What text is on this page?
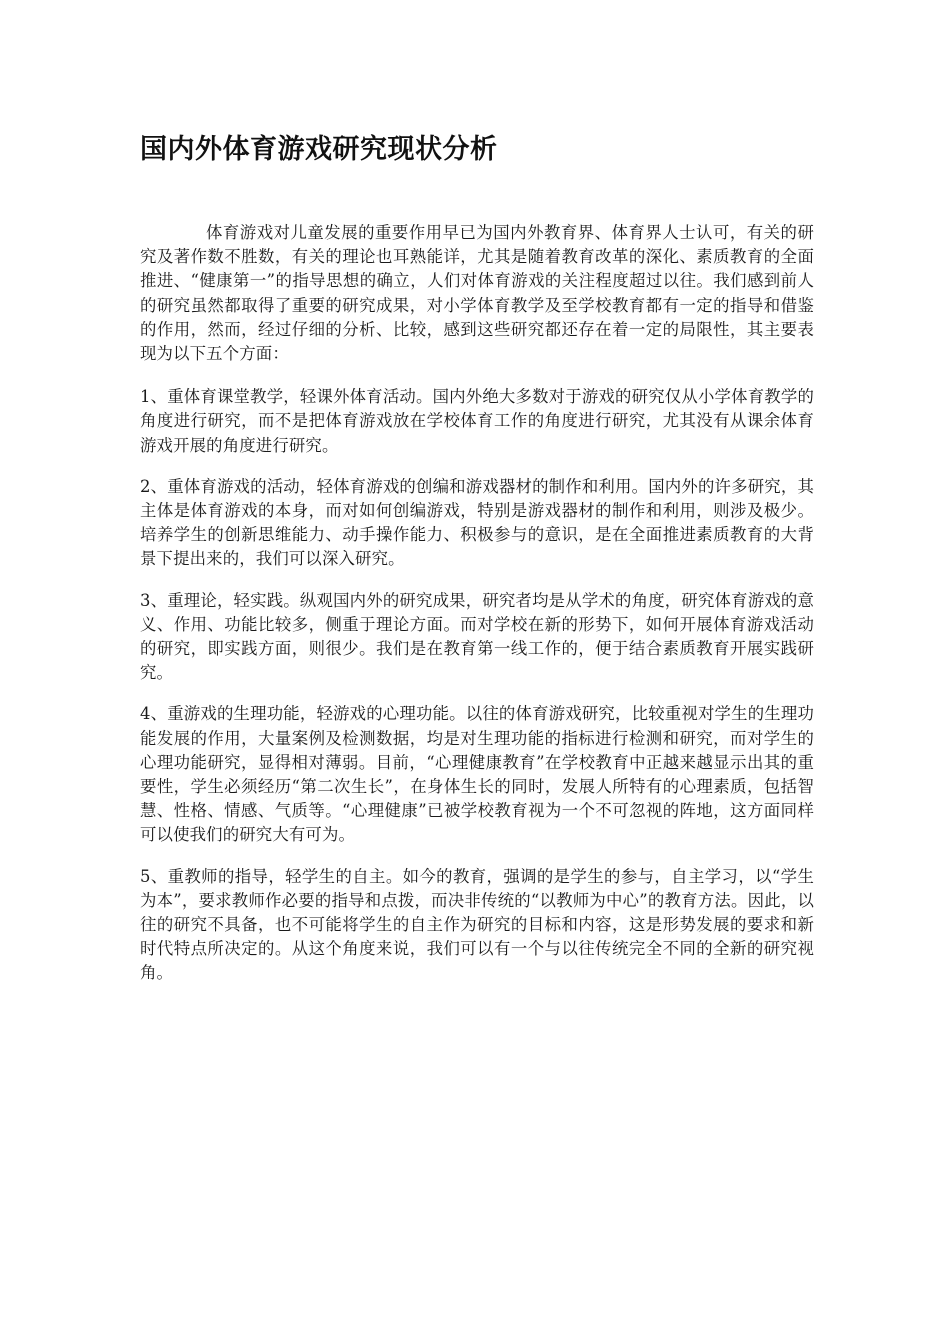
国内外体育游戏研究现状分析

体育游戏对儿童发展的重要作用早已为国内外教育界、体育界人士认可，有关的研究及著作数不胜数，有关的理论也耳熟能详，尤其是随着教育改革的深化、素质教育的全面推进、“健康第一”的指导思想的确立，人们对体育游戏的关注程度超过以往。我们感到前人的研究虽然都取得了重要的研究成果，对小学体育教学及至学校教育都有一定的指导和借鉴的作用，然而，经过仔细的分析、比较，感到这些研究都还存在着一定的局限性，其主要表现为以下五个方面：

1、重体育课堂教学，轻课外体育活动。国内外绝大多数对于游戏的研究仅从小学体育教学的角度进行研究，而不是把体育游戏放在学校体育工作的角度进行研究，尤其没有从课余体育游戏开展的角度进行研究。

2、重体育游戏的活动，轻体育游戏的创编和游戏器材的制作和利用。国内外的许多研究，其主体是体育游戏的本身，而对如何创编游戏，特别是游戏器材的制作和利用，则涉及极少。培养学生的创新思维能力、动手操作能力、积极参与的意识，是在全面推进素质教育的大背景下提出来的，我们可以深入研究。

3、重理论，轻实践。纵观国内外的研究成果，研究者均是从学术的角度，研究体育游戏的意义、作用、功能比较多，侧重于理论方面。而对学校在新的形势下，如何开展体育游戏活动的研究，即实践方面，则很少。我们是在教育第一线工作的，便于结合素质教育开展实践研究。

4、重游戏的生理功能，轻游戏的心理功能。以往的体育游戏研究，比较重视对学生的生理功能发展的作用，大量案例及检测数据，均是对生理功能的指标进行检测和研究，而对学生的心理功能研究，显得相对薄弱。目前，“心理健康教育”在学校教育中正越来越显示出其的重要性，学生必须经历“第二次生长”，在身体生长的同时，发展人所特有的心理素质，包括智慧、性格、情感、气质等。“心理健康”已被学校教育视为一个不可忽视的阵地，这方面同样可以使我们的研究大有可为。

5、重教师的指导，轻学生的自主。如今的教育，强调的是学生的参与，自主学习，以“学生为本”，要求教师作必要的指导和点拨，而决非传统的“以教师为中心”的教育方法。因此，以往的研究不具备，也不可能将学生的自主作为研究的目标和内容，这是形势发展的要求和新时代特点所决定的。从这个角度来说，我们可以有一个与以往传统完全不同的全新的研究视角。
